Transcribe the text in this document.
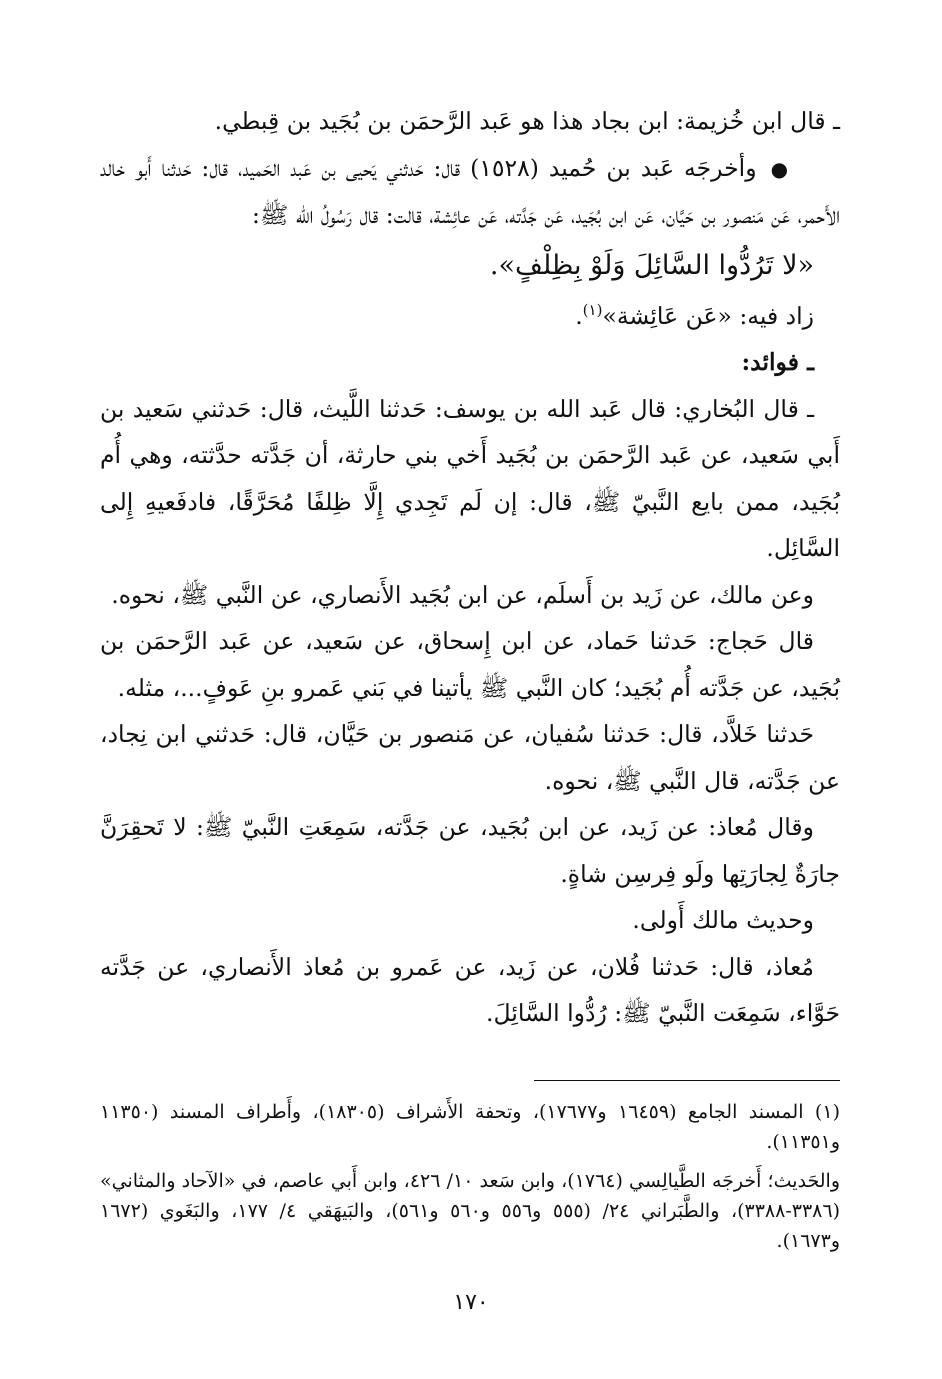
ـ قال ابن خُزيمة: ابن بجاد هذا هو عَبد الرَّحمَن بن بُجَيد بن قِبطي.

●وأخرجَه عَبد بن حُميد (١٥٢٨) قال: حَدثني يَحيى بن عَبد الحَميد، قال: حَدثنا أَبو خالد الأَحمر، عَن مَنصور بن حَيَّان، عَن ابن بُجَيد، عَن جَدَّته، عَن عائِشة، قالت: قال رَسُولُ الله ﷺ:

«لا تَرُدُّوا السَّائِلَ وَلَوْ بِظِلْفٍ».

زاد فيه: «عَن عَائِشة»$^{(١)}$.

ـ فوائد:

ـ قال البُخاري: قال عَبد الله بن يوسف: حَدثنا اللَّيث، قال: حَدثني سَعيد بن أَبي سَعيد، عن عَبد الرَّحمَن بن بُجَيد أَخي بني حارثة، أن جَدَّته حدَّثته، وهي أُم بُجَيد، ممن بايع النَّبيّ ﷺ، قال: إن لَم تَجِدي إِلَّا ظِلفًا مُحَرَّقًا، فادفَعيهِ إِلى السَّائِل.

وعن مالك، عن زَيد بن أَسلَم، عن ابن بُجَيد الأَنصاري، عن النَّبي ﷺ، نحوه.

قال حَجاج: حَدثنا حَماد، عن ابن إِسحاق، عن سَعيد، عن عَبد الرَّحمَن بن بُجَيد، عن جَدَّته أُم بُجَيد؛ كان النَّبي ﷺ يأتينا في بَني عَمرو بنِ عَوفٍ...، مثله.

حَدثنا خَلاَّد، قال: حَدثنا سُفيان، عن مَنصور بن حَيَّان، قال: حَدثني ابن نِجاد، عن جَدَّته، قال النَّبي ﷺ، نحوه.

وقال مُعاذ: عن زَيد، عن ابن بُجَيد، عن جَدَّته، سَمِعَتِ النَّبيّ ﷺ: لا تَحقِرَنَّ جارَةٌ لِجارَتِها ولَو فِرسِن شاةٍ.

وحديث مالك أَولى.

مُعاذ، قال: حَدثنا فُلان، عن زَيد، عن عَمرو بن مُعاذ الأَنصاري، عن جَدَّته حَوَّاء، سَمِعَت النَّبيّ ﷺ: رُدُّوا السَّائِلَ.

(١) المسند الجامع (١٦٤٥٩ و١٧٦٧٧)، وتحفة الأَشراف (١٨٣٠٥)، وأَطراف المسند (١١٣٥٠ و١١٣٥١).

والحَديث؛ أَخرجَه الطَّيالِسي (١٧٦٤)، وابن سَعد ١٠/ ٤٢٦، وابن أَبي عاصم، في «الآحاد والمثاني» (٣٣٨٦-٣٣٨٨)، والطَّبَراني ٢٤/ (٥٥٥ و٥٥٦ و٥٦٠ و٥٦١)، والبَيهَقي ٤/ ١٧٧، والبَغَوي (١٦٧٢ و١٦٧٣).

١٧٠
